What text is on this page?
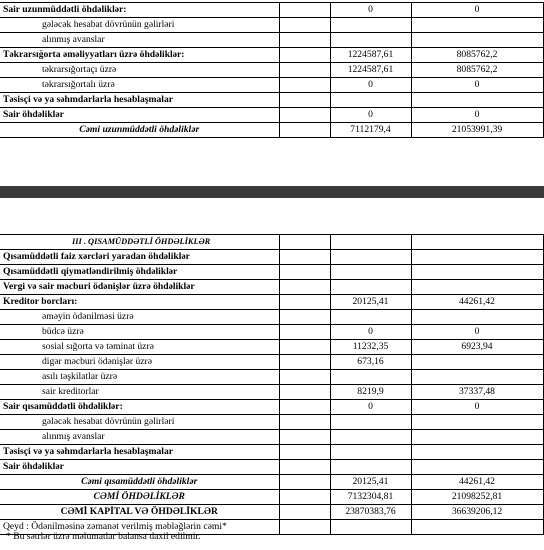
Sair uzunmüddətli öhdəliklər:		0	0
gələcək hesabat dövrünün gəlirləri			
alınmış avanslar			
Təkrarsığorta əməliyyatları üzrə öhdəliklər:		1224587,61	8085762,2
təkrarsığortaçı üzrə		1224587,61	8085762,2
təkrarsığortalı üzrə		0	0
Təsisçi və ya səhmdarlarla hesablaşmalar			
Sair öhdəliklər		0	0
Cəmi uzunmüddətli öhdəliklər		7112179,4	21053991,39
III . QISAMÜDDƏTLİ ÖHDƏLİKLƏR			
Qısamüddətli faiz xərcləri yaradan öhdəliklər			
Qısamüddətli qiymətləndirilmiş öhdəliklər			
Vergi və sair məcburi ödənişlər üzrə öhdəliklər			
Kreditor borcları:		20125,41	44261,42
əməyin ödənilməsi üzrə			
büdcə üzrə		0	0
sosial sığorta və təminat üzrə		11232,35	6923,94
digər məcburi ödənişlər üzrə		673,16	
asılı təşkilatlar üzrə			
sair kreditorlar		8219,9	37337,48
Sair qısamüddətli öhdəliklər:		0	0
gələcək hesabat dövrünün gəlirləri			
alınmış avanslar			
Təsisçi və ya səhmdarlarla hesablaşmalar			
Sair öhdəliklər			
Cəmi qısamüddətli öhdəliklər		20125,41	44261,42
CƏMİ ÖHDƏLİKLƏR		7132304,81	21098252,81
CƏMİ KAPİTAL VƏ ÖHDƏLİKLƏR		23870383,76	36639206,12
Qeyd : Ödənilməsinə zəmanət verilmiş məbləğlərin cəmi*			
* Bu sətrlər üzrə məlumatlar balansa daxil edilmir.
